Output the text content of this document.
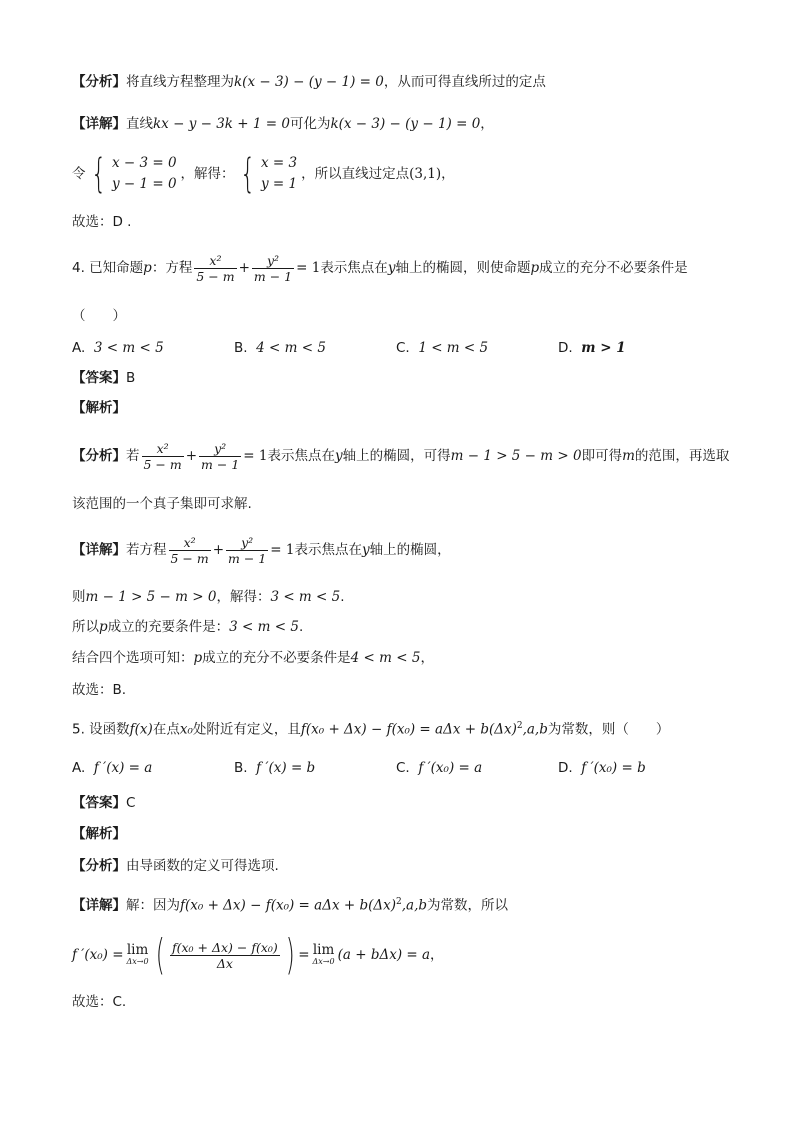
【分析】将直线方程整理为k(x − 3) − (y − 1) = 0，从而可得直线所过的定点
【详解】直线kx − y − 3k + 1 = 0可化为k(x − 3) − (y − 1) = 0，
令 { x − 3 = 0
y − 1 = 0
，解得： { x = 3
y = 1
，所以直线过定点(3,1)，
故选：D .
4. 已知命题p：方程 $\frac{\text{x²}}{5 - m} + \frac{\text{y²}}{m - 1} = 1$表示焦点在y轴上的椭圆，则使命题p成立的充分不必要条件是
（　　）
A. 3 < m < 5	B. 4 < m < 5	C. 1 < m < 5	D. m > 1
【答案】B
【解析】
【分析】若 $\frac{\text{x²}}{5 - m} + \frac{\text{y²}}{m - 1} = 1$表示焦点在y轴上的椭圆，可得m − 1 > 5 − m > 0即可得m的范围，再选取
该范围的一个真子集即可求解.
【详解】若方程 $\frac{\text{x²}}{5 - m} + \frac{\text{y²}}{m - 1} = 1$表示焦点在y轴上的椭圆，
则m − 1 > 5 − m > 0，解得：3 < m < 5.
所以p成立的充要条件是：3 < m < 5.
结合四个选项可知：p成立的充分不必要条件是4 < m < 5，
故选：B.
5. 设函数f(x)在点x₀处附近有定义，且$f(x_0 + \Delta x) - f(x_0) = a\Delta x + b(\Delta x)^2,a,b$为常数，则（　　）
A. f ′(x) = a	B. f ′(x) = b	C. f ′(x₀) = a	D. f ′(x₀) = b
【答案】C
【解析】
【分析】由导函数的定义可得选项.
【详解】解：因为$f(x_0 + \Delta x) - f(x_0) = a\Delta x + b(\Delta x)^2,a,b$为常数，所以
f ′(x₀) = lim
Δx→0 ( $\frac{\text{f(x₀ + Δx) − f(x₀)}}{\Delta x}$ ) = lim
Δx→0 (a + bΔx) = a，
故选：C.
